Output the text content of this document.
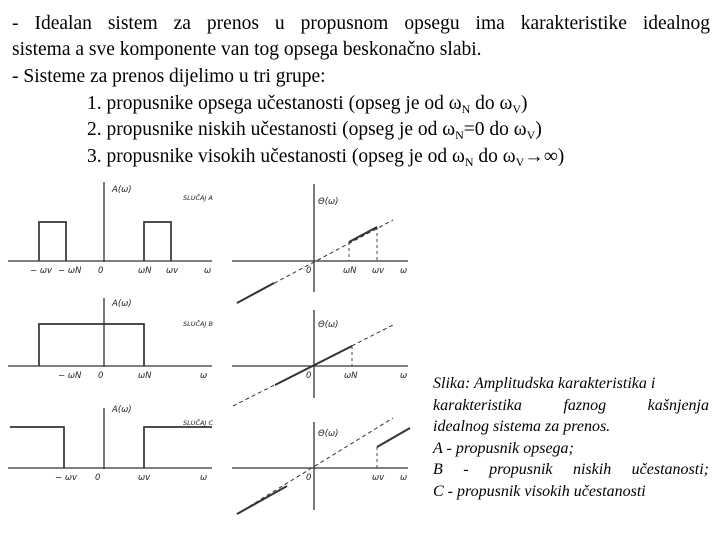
- Idealan sistem za prenos u propusnom opsegu ima karakteristike idealnog
sistema a sve komponente van tog opsega beskonačno slabi.
- Sisteme za prenos dijelimo u tri grupe:
1. propusnike opsega učestanosti (opseg je od $\omega_N$ do $\omega_V$)
2. propusnike niskih učestanosti (opseg je od $\omega_N=0$ do $\omega_V$)
3. propusnike visokih učestanosti (opseg je od $\omega_N$ do $\omega_V\to\infty$)
A(ω)
SLUČAJ A	Θ(ω)
− ωv − ωN 0	ωN ωv	ω	0	ωN ωv ω
A(ω)
SLUČAJ B	Θ(ω)
− ωN 0	ωN	ω	0	ωN	ω
A(ω)
SLUČAJ C
Θ(ω)
− ωv 0	ωv	ω	0	ωv ω
Slika: Amplitudska karakteristika i
karakteristika faznog kašnjenja
idealnog sistema za prenos.
A - propusnik opsega;
B - propusnik niskih učestanosti;
C - propusnik visokih učestanosti
